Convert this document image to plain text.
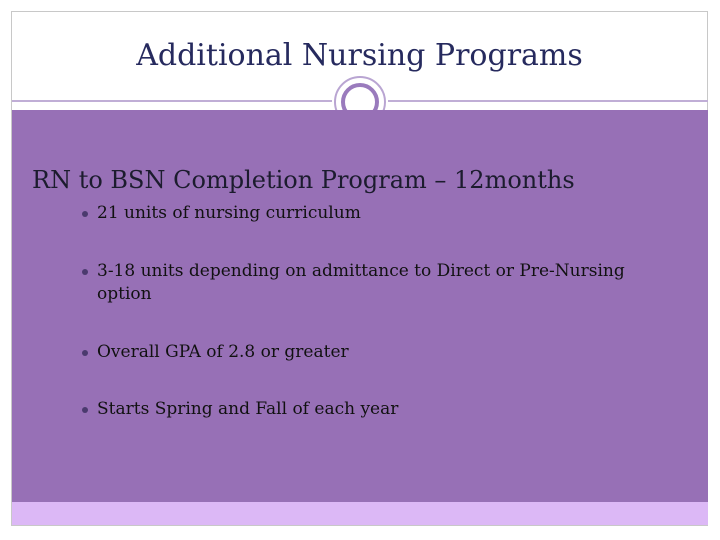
Additional Nursing Programs
RN to BSN Completion Program – 12months
21 units of nursing curriculum
3-18 units depending on admittance to Direct or Pre-Nursing option
Overall GPA of 2.8 or greater
Starts Spring and Fall of each year
